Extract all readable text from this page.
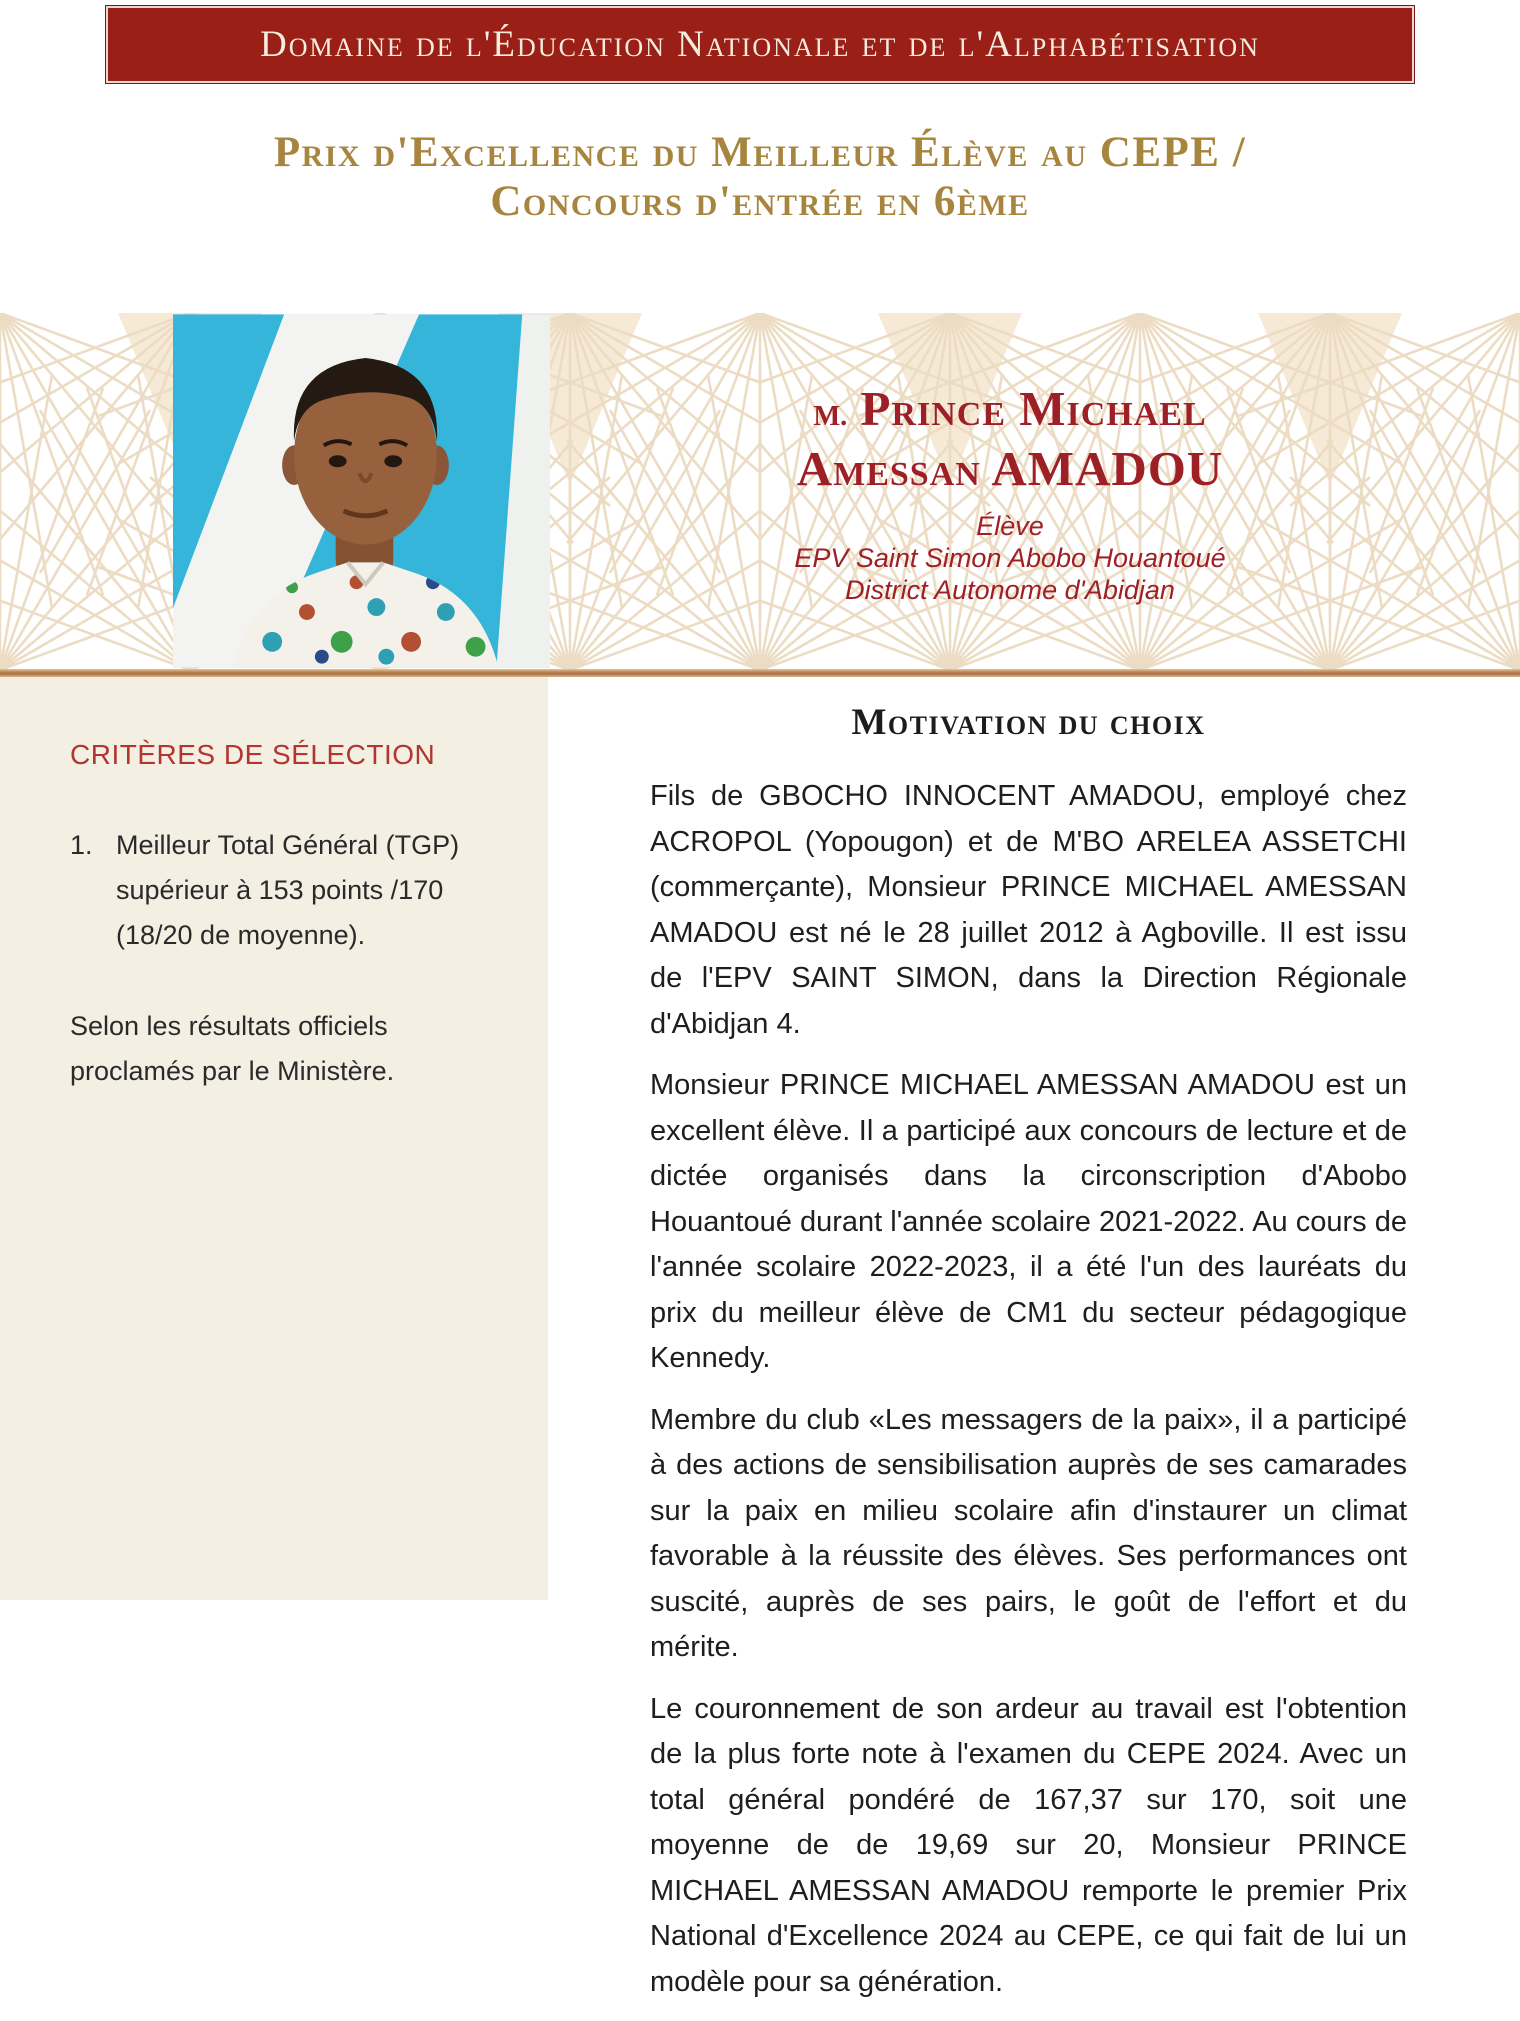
Domaine de l'Éducation Nationale et de l'Alphabétisation
Prix d'Excellence du Meilleur Élève au CEPE /
Concours d'entrée en 6ème
M. Prince Michael
Amessan AMADOU
Élève
EPV Saint Simon Abobo Houantoué
District Autonome d'Abidjan
CRITÈRES DE SÉLECTION
1. Meilleur Total Général (TGP) supérieur à 153 points /170 (18/20 de moyenne).
Selon les résultats officiels proclamés par le Ministère.
Motivation du choix

Fils de GBOCHO INNOCENT AMADOU, employé chez ACROPOL (Yopougon) et de M'BO ARELEA ASSETCHI (commerçante), Monsieur PRINCE MICHAEL AMESSAN AMADOU est né le 28 juillet 2012 à Agboville. Il est issu de l'EPV SAINT SIMON, dans la Direction Régionale d'Abidjan 4.

Monsieur PRINCE MICHAEL AMESSAN AMADOU est un excellent élève. Il a participé aux concours de lecture et de dictée organisés dans la circonscription d'Abobo Houantoué durant l'année scolaire 2021-2022. Au cours de l'année scolaire 2022-2023, il a été l'un des lauréats du prix du meilleur élève de CM1 du secteur pédagogique Kennedy.

Membre du club «Les messagers de la paix», il a participé à des actions de sensibilisation auprès de ses camarades sur la paix en milieu scolaire afin d'instaurer un climat favorable à la réussite des élèves. Ses performances ont suscité, auprès de ses pairs, le goût de l'effort et du mérite.

Le couronnement de son ardeur au travail est l'obtention de la plus forte note à l'examen du CEPE 2024. Avec un total général pondéré de 167,37 sur 170, soit une moyenne de de 19,69 sur 20, Monsieur PRINCE MICHAEL AMESSAN AMADOU remporte le premier Prix National d'Excellence 2024 au CEPE, ce qui fait de lui un modèle pour sa génération.
